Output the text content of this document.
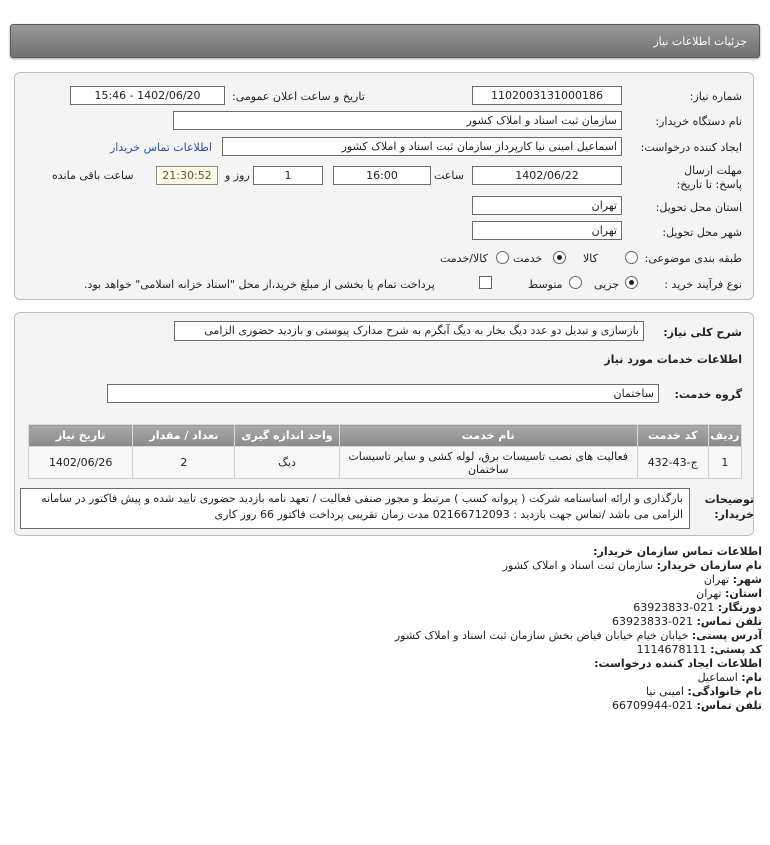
جزئیات اطلاعات نیاز
شماره نیاز:
1102003131000186
تاریخ و ساعت اعلان عمومی:
1402/06/20 - 15:46
نام دستگاه خریدار:
سازمان ثبت اسناد و املاک کشور
ایجاد کننده درخواست:
اسماعیل امینی نیا کارپرداز سازمان ثبت اسناد و املاک کشور
اطلاعات تماس خریدار
مهلت ارسال پاسخ: تا تاریخ:
1402/06/22
ساعت
16:00
1
روز و
21:30:52
ساعت باقی مانده
استان محل تحویل:
تهران
شهر محل تحویل:
تهران
طبقه بندی موضوعی:
کالا
خدمت
کالا/خدمت
نوع فرآیند خرید :
جزیی
متوسط
پرداخت تمام یا بخشی از مبلغ خرید،از محل "اسناد خزانه اسلامی" خواهد بود.
شرح کلی نیاز:
بازسازی و تبدیل دو عدد دیگ بخار به دیگ آبگرم به شرح مدارک پیوستی و بازدید حضوری الزامی
اطلاعات خدمات مورد نیاز
گروه خدمت:
ساختمان
ردیف	کد خدمت	نام خدمت	واحد اندازه گیری	تعداد / مقدار	تاریخ نیاز
1	ج-43-432	فعالیت های نصب تاسیسات برق، لوله کشی و سایر تاسیسات ساختمان	دیگ	2	1402/06/26
توضیحات خریدار:
بارگذاری و ارائه اساسنامه شرکت ( پروانه کسب ) مرتبط و مجوز صنفی فعالیت / تعهد نامه بازدید حضوری تایید شده و پیش فاکتور در سامانه الزامی می باشد /تماس جهت بازدید : 02166712093 مدت زمان تقریبی پرداخت فاکتور 66 روز کاری
اطلاعات تماس سازمان خریدار:
نام سازمان خریدار: سازمان ثبت اسناد و املاک کشور
شهر: تهران
استان: تهران
دورنگار: 021-63923833
تلفن تماس: 021-63923833
آدرس پستی: خیابان خیام خیابان فیاض بخش سازمان ثبت اسناد و املاک کشور
کد پستی: 1114678111
اطلاعات ایجاد کننده درخواست:
نام: اسماعیل
نام خانوادگی: امینی نیا
تلفن تماس: 021-66709944
